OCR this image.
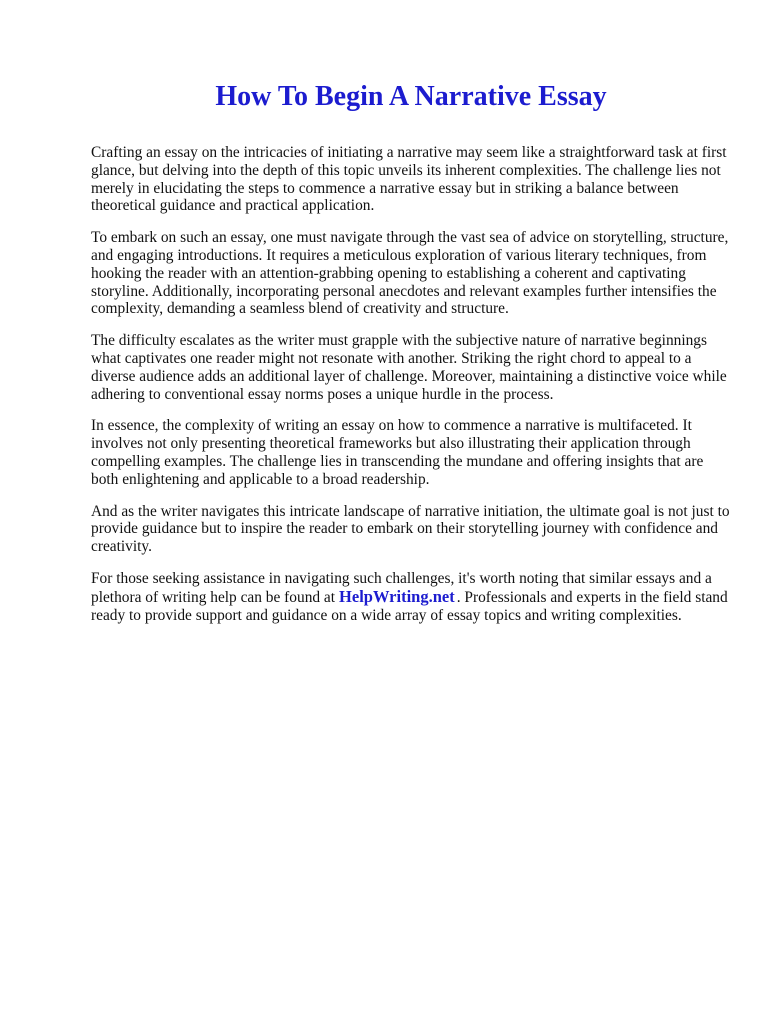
How To Begin A Narrative Essay

Crafting an essay on the intricacies of initiating a narrative may seem like a straightforward task at first glance, but delving into the depth of this topic unveils its inherent complexities. The challenge lies not merely in elucidating the steps to commence a narrative essay but in striking a balance between theoretical guidance and practical application.

To embark on such an essay, one must navigate through the vast sea of advice on storytelling, structure, and engaging introductions. It requires a meticulous exploration of various literary techniques, from hooking the reader with an attention-grabbing opening to establishing a coherent and captivating storyline. Additionally, incorporating personal anecdotes and relevant examples further intensifies the complexity, demanding a seamless blend of creativity and structure.

The difficulty escalates as the writer must grapple with the subjective nature of narrative beginnings    what captivates one reader might not resonate with another. Striking the right chord to appeal to a diverse audience adds an additional layer of challenge. Moreover, maintaining a distinctive voice while adhering to conventional essay norms poses a unique hurdle in the process.

In essence, the complexity of writing an essay on how to commence a narrative is multifaceted. It involves not only presenting theoretical frameworks but also illustrating their application through compelling examples. The challenge lies in transcending the mundane and offering insights that are both enlightening and applicable to a broad readership.

And as the writer navigates this intricate landscape of narrative initiation, the ultimate goal is not just to provide guidance but to inspire the reader to embark on their storytelling journey with confidence and creativity.

For those seeking assistance in navigating such challenges, it's worth noting that similar essays and a plethora of writing help can be found at HelpWriting.net . Professionals and experts in the field stand ready to provide support and guidance on a wide array of essay topics and writing complexities.
